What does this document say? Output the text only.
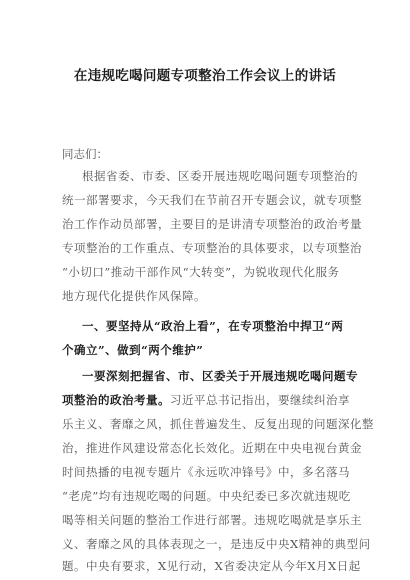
在违规吃喝问题专项整治工作会议上的讲话
同志们：
根据省委、市委、区委开展违规吃喝问题专项整治的
统一部署要求，今天我们在节前召开专题会议，就专项整
治工作作动员部署，主要目的是讲清专项整治的政治考量
专项整治的工作重点、专项整治的具体要求，以专项整治
“小切口”推动干部作风“大转变”，为锐收现代化服务
地方现代化提供作风保障。
一、要坚持从“政治上看”，在专项整治中捍卫“两
个确立”、做到“两个维护”
一要深刻把握省、市、区委关于开展违规吃喝问题专
项整治的政治考量。习近平总书记指出，要继续纠治享
乐主义、奢靡之风，抓住普遍发生、反复出现的问题深化整
治，推进作风建设常态化长效化。近期在中央电视台黄金
时间热播的电视专题片《永远吹冲锋号》中，多名落马
“老虎”均有违规吃喝的问题。中央纪委已多次就违规吃
喝等相关问题的整治工作进行部署。违规吃喝就是享乐主
义、奢靡之风的具体表现之一，是违反中央X精神的典型问
题。中央有要求，X见行动，X省委决定从今年X月X日起
